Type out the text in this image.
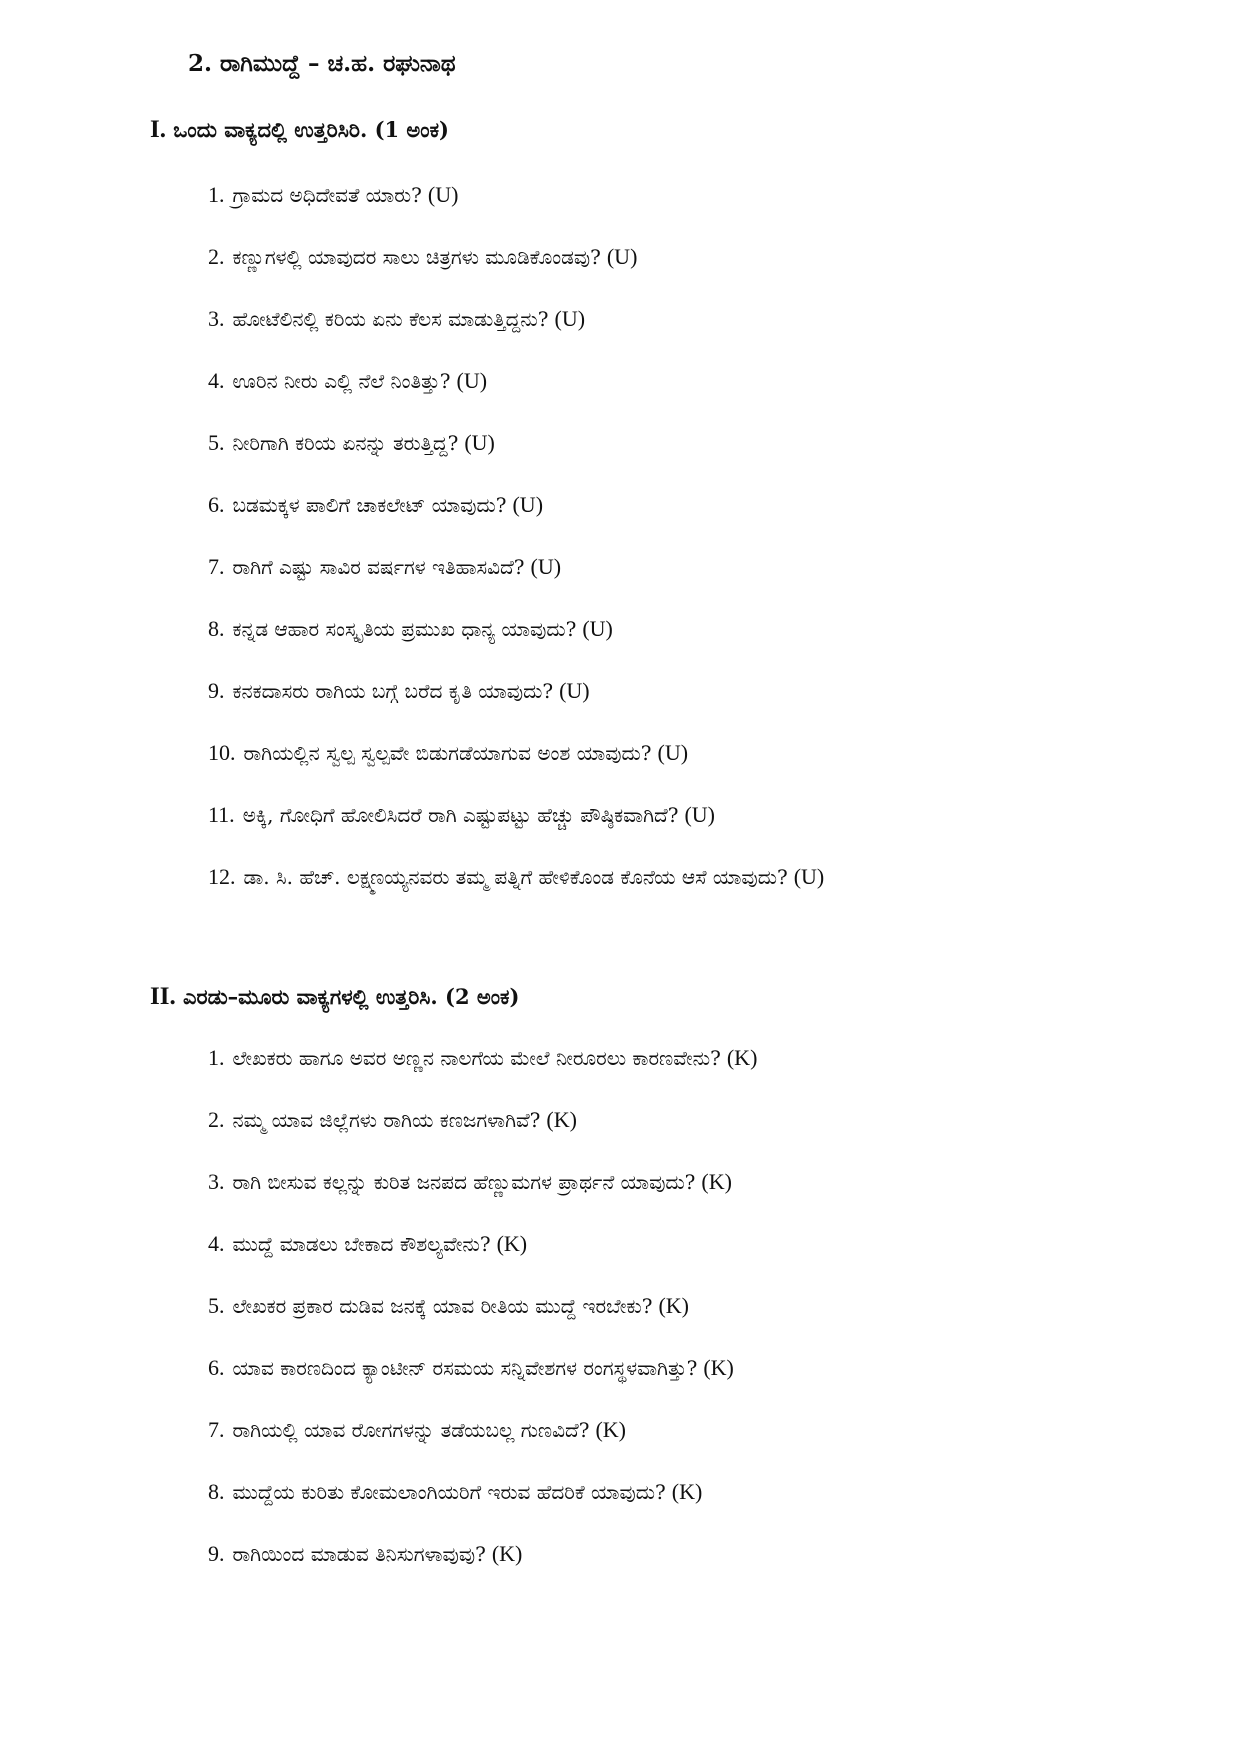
2. ರಾಗಿಮುದ್ದೆ – ಚ.ಹ. ರಘುನಾಥ
I. ಒಂದು ವಾಕ್ಯದಲ್ಲಿ ಉತ್ತರಿಸಿರಿ. (1 ಅಂಕ)
1. ಗ್ರಾಮದ ಅಧಿದೇವತೆ ಯಾರು? (U)
2. ಕಣ್ಣುಗಳಲ್ಲಿ ಯಾವುದರ ಸಾಲು ಚಿತ್ರಗಳು ಮೂಡಿಕೊಂಡವು? (U)
3. ಹೋಟೆಲಿನಲ್ಲಿ ಕರಿಯ ಏನು ಕೆಲಸ ಮಾಡುತ್ತಿದ್ದನು? (U)
4. ಊರಿನ ನೀರು ಎಲ್ಲಿ ನೆಲೆ ನಿಂತಿತ್ತು? (U)
5. ನೀರಿಗಾಗಿ ಕರಿಯ ಏನನ್ನು ತರುತ್ತಿದ್ದ? (U)
6. ಬಡಮಕ್ಕಳ ಪಾಲಿಗೆ ಚಾಕಲೇಟ್ ಯಾವುದು? (U)
7. ರಾಗಿಗೆ ಎಷ್ಟು ಸಾವಿರ ವರ್ಷಗಳ ಇತಿಹಾಸವಿದೆ? (U)
8. ಕನ್ನಡ ಆಹಾರ ಸಂಸ್ಕೃತಿಯ ಪ್ರಮುಖ ಧಾನ್ಯ ಯಾವುದು? (U)
9. ಕನಕದಾಸರು ರಾಗಿಯ ಬಗ್ಗೆ ಬರೆದ ಕೃತಿ ಯಾವುದು? (U)
10. ರಾಗಿಯಲ್ಲಿನ ಸ್ವಲ್ಪ ಸ್ವಲ್ಪವೇ ಬಿಡುಗಡೆಯಾಗುವ ಅಂಶ ಯಾವುದು? (U)
11. ಅಕ್ಕಿ, ಗೋಧಿಗೆ ಹೋಲಿಸಿದರೆ ರಾಗಿ ಎಷ್ಟುಪಟ್ಟು ಹೆಚ್ಚು ಪೌಷ್ಠಿಕವಾಗಿದೆ? (U)
12. ಡಾ. ಸಿ. ಹೆಚ್. ಲಕ್ಷ್ಮಣಯ್ಯನವರು ತಮ್ಮ ಪತ್ನಿಗೆ ಹೇಳಿಕೊಂಡ ಕೊನೆಯ ಆಸೆ ಯಾವುದು? (U)
II. ಎರಡು–ಮೂರು ವಾಕ್ಯಗಳಲ್ಲಿ ಉತ್ತರಿಸಿ. (2 ಅಂಕ)
1. ಲೇಖಕರು ಹಾಗೂ ಅವರ ಅಣ್ಣನ ನಾಲಗೆಯ ಮೇಲೆ ನೀರೂರಲು ಕಾರಣವೇನು? (K)
2. ನಮ್ಮ ಯಾವ ಜಿಲ್ಲೆಗಳು ರಾಗಿಯ ಕಣಜಗಳಾಗಿವೆ? (K)
3. ರಾಗಿ ಬೀಸುವ ಕಲ್ಲನ್ನು ಕುರಿತ ಜನಪದ ಹೆಣ್ಣುಮಗಳ ಪ್ರಾರ್ಥನೆ ಯಾವುದು? (K)
4. ಮುದ್ದೆ ಮಾಡಲು ಬೇಕಾದ ಕೌಶಲ್ಯವೇನು? (K)
5. ಲೇಖಕರ ಪ್ರಕಾರ ದುಡಿವ ಜನಕ್ಕೆ ಯಾವ ರೀತಿಯ ಮುದ್ದೆ ಇರಬೇಕು? (K)
6. ಯಾವ ಕಾರಣದಿಂದ ಕ್ಯಾಂಟೀನ್ ರಸಮಯ ಸನ್ನಿವೇಶಗಳ ರಂಗಸ್ಥಳವಾಗಿತ್ತು? (K)
7. ರಾಗಿಯಲ್ಲಿ ಯಾವ ರೋಗಗಳನ್ನು ತಡೆಯಬಲ್ಲ ಗುಣವಿದೆ? (K)
8. ಮುದ್ದೆಯ ಕುರಿತು ಕೋಮಲಾಂಗಿಯರಿಗೆ ಇರುವ ಹೆದರಿಕೆ ಯಾವುದು? (K)
9. ರಾಗಿಯಿಂದ ಮಾಡುವ ತಿನಿಸುಗಳಾವುವು? (K)
